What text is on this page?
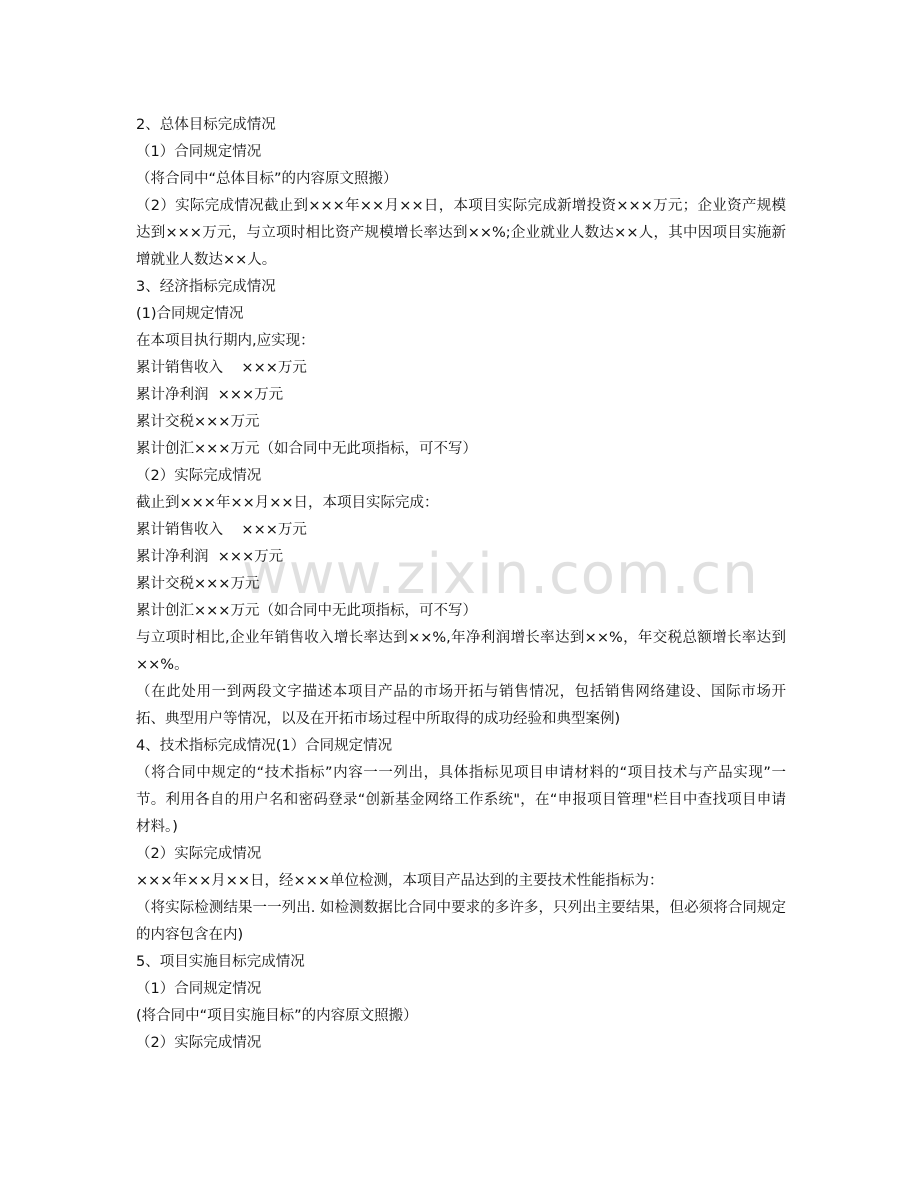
2、总体目标完成情况
（1）合同规定情况
（将合同中“总体目标”的内容原文照搬）
（2）实际完成情况截止到×××年××月××日，本项目实际完成新增投资×××万元；企业资产规模达到×××万元，与立项时相比资产规模增长率达到××%;企业就业人数达××人，其中因项目实施新增就业人数达××人。
3、经济指标完成情况
(1)合同规定情况
在本项目执行期内,应实现：
累计销售收入    ×××万元
累计净利润  ×××万元
累计交税×××万元
累计创汇×××万元（如合同中无此项指标，可不写）
（2）实际完成情况
截止到×××年××月××日，本项目实际完成：
累计销售收入    ×××万元
累计净利润  ×××万元
累计交税×××万元
累计创汇×××万元（如合同中无此项指标，可不写）
与立项时相比,企业年销售收入增长率达到××%,年净利润增长率达到××%，年交税总额增长率达到××%。
（在此处用一到两段文字描述本项目产品的市场开拓与销售情况，包括销售网络建设、国际市场开拓、典型用户等情况，以及在开拓市场过程中所取得的成功经验和典型案例)
4、技术指标完成情况(1）合同规定情况
（将合同中规定的“技术指标”内容一一列出，具体指标见项目申请材料的“项目技术与产品实现”一节。利用各自的用户名和密码登录“创新基金网络工作系统"，在“申报项目管理"栏目中查找项目申请材料。)
（2）实际完成情况
×××年××月××日，经×××单位检测，本项目产品达到的主要技术性能指标为：
（将实际检测结果一一列出. 如检测数据比合同中要求的多许多，只列出主要结果，但必须将合同规定的内容包含在内)
5、项目实施目标完成情况
（1）合同规定情况
(将合同中“项目实施目标”的内容原文照搬）
（2）实际完成情况
www.zixin.com.cn
